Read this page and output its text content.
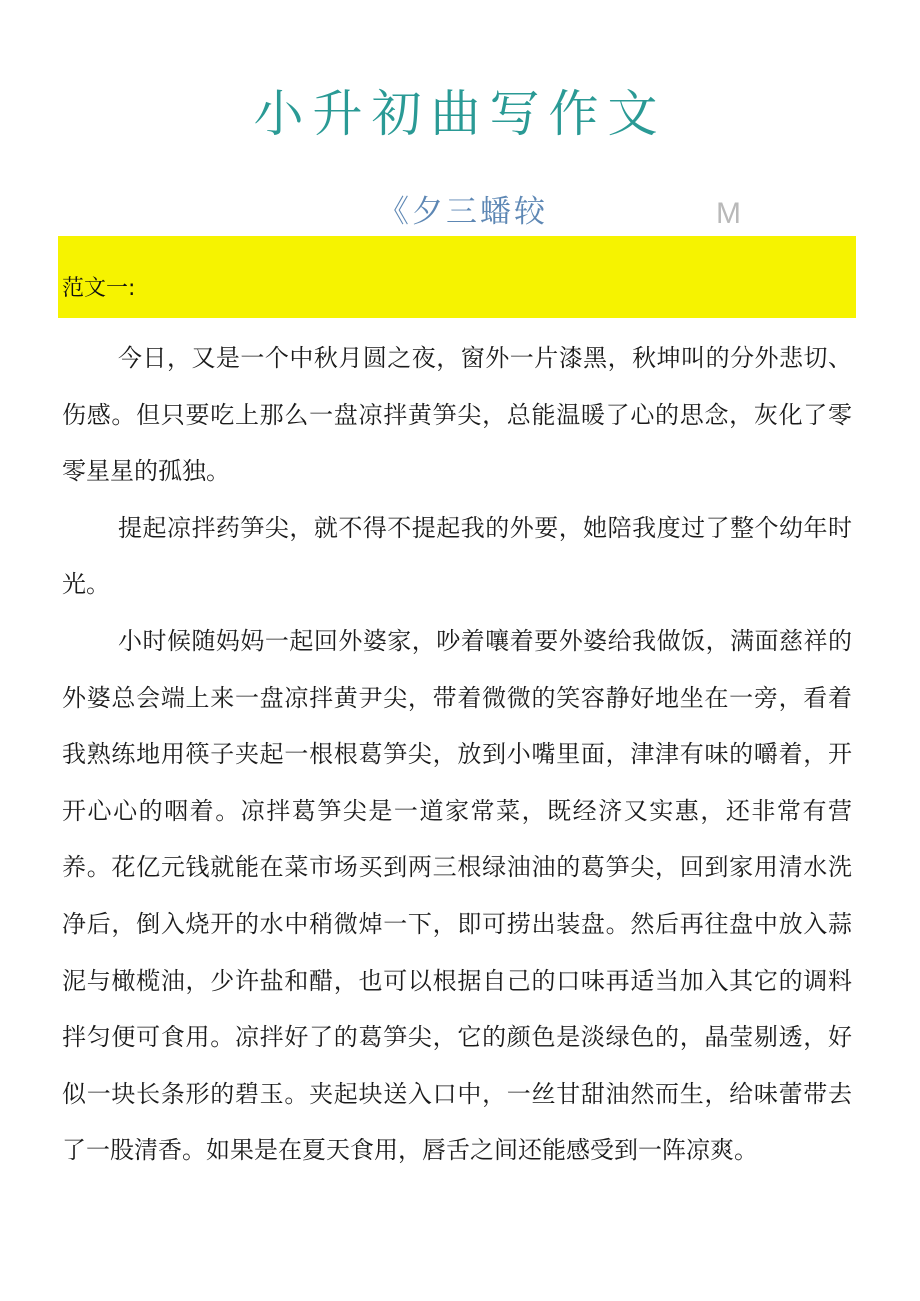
小升初曲写作文
《夕三蟠较	M
范文一:

今日，又是一个中秋月圆之夜，窗外一片漆黑，秋坤叫的分外悲切、伤感。但只要吃上那么一盘凉拌黄笋尖，总能温暖了心的思念，灰化了零零星星的孤独。

提起凉拌药笋尖，就不得不提起我的外要，她陪我度过了整个幼年时光。

小时候随妈妈一起回外婆家，吵着嚷着要外婆给我做饭，满面慈祥的外婆总会端上来一盘凉拌黄尹尖，带着微微的笑容静好地坐在一旁，看着我熟练地用筷子夹起一根根葛笋尖，放到小嘴里面，津津有味的嚼着，开开心心的咽着。凉拌葛笋尖是一道家常菜，既经济又实惠，还非常有营养。花亿元钱就能在菜市场买到两三根绿油油的葛笋尖，回到家用清水洗净后，倒入烧开的水中稍微焯一下，即可捞出装盘。然后再往盘中放入蒜泥与橄榄油，少许盐和醋，也可以根据自己的口味再适当加入其它的调料拌匀便可食用。凉拌好了的葛笋尖，它的颜色是淡绿色的，晶莹剔透，好似一块长条形的碧玉。夹起块送入口中，一丝甘甜油然而生，给味蕾带去了一股清香。如果是在夏天食用，唇舌之间还能感受到一阵凉爽。
